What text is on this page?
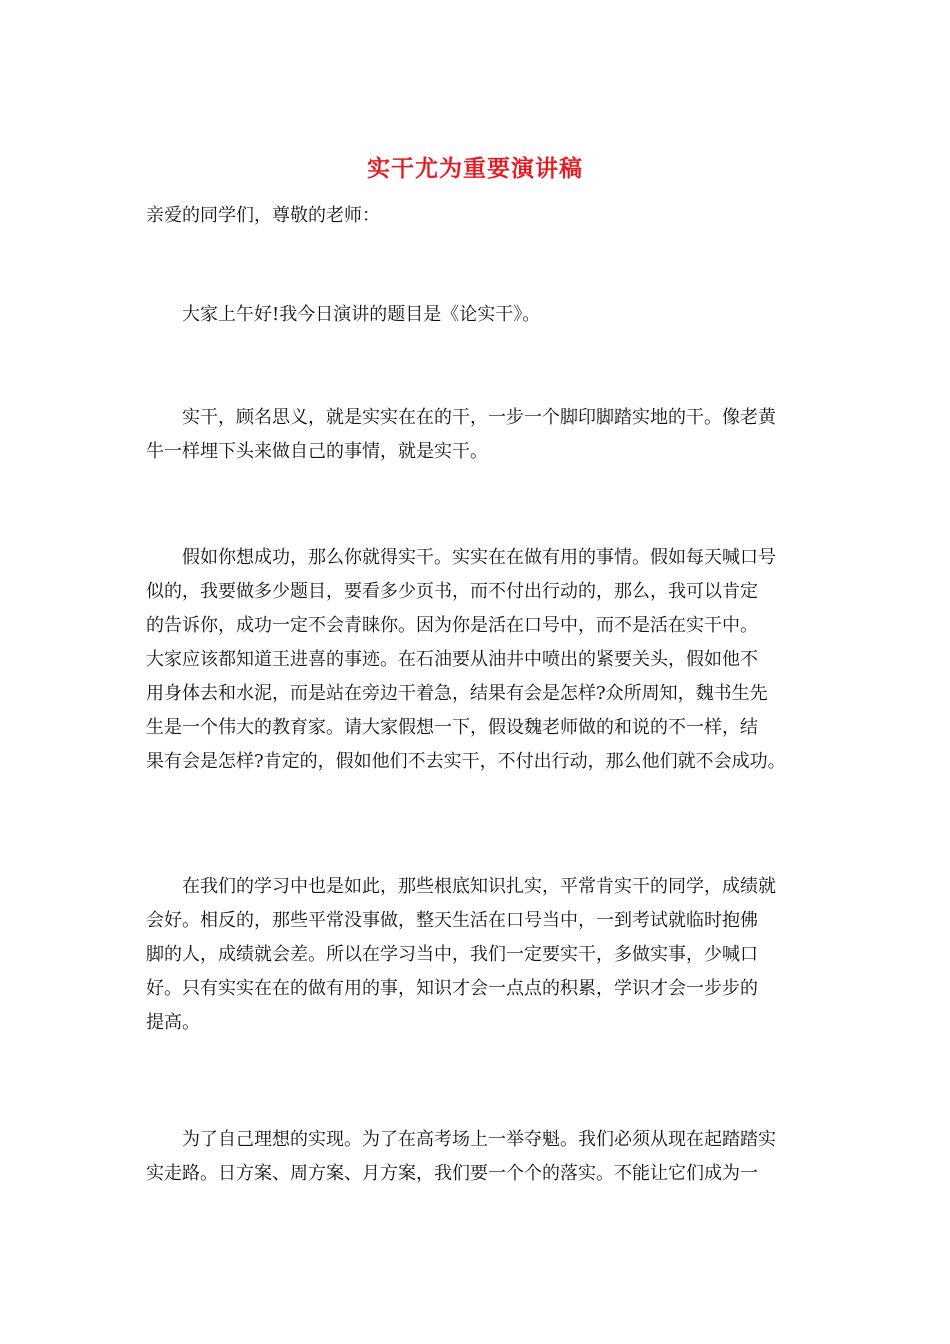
实干尤为重要演讲稿
亲爱的同学们，尊敬的老师：
　　大家上午好!我今日演讲的题目是《论实干》。
　　实干，顾名思义，就是实实在在的干，一步一个脚印脚踏实地的干。像老黄
牛一样埋下头来做自己的事情，就是实干。
　　假如你想成功，那么你就得实干。实实在在做有用的事情。假如每天喊口号
似的，我要做多少题目，要看多少页书，而不付出行动的，那么，我可以肯定
的告诉你，成功一定不会青睐你。因为你是活在口号中，而不是活在实干中。
大家应该都知道王进喜的事迹。在石油要从油井中喷出的紧要关头，假如他不
用身体去和水泥，而是站在旁边干着急，结果有会是怎样?众所周知，魏书生先
生是一个伟大的教育家。请大家假想一下，假设魏老师做的和说的不一样，结
果有会是怎样?肯定的，假如他们不去实干，不付出行动，那么他们就不会成功。
　　在我们的学习中也是如此，那些根底知识扎实，平常肯实干的同学，成绩就
会好。相反的，那些平常没事做，整天生活在口号当中，一到考试就临时抱佛
脚的人，成绩就会差。所以在学习当中，我们一定要实干，多做实事，少喊口
好。只有实实在在的做有用的事，知识才会一点点的积累，学识才会一步步的
提高。
　　为了自己理想的实现。为了在高考场上一举夺魁。我们必须从现在起踏踏实
实走路。日方案、周方案、月方案，我们要一个个的落实。不能让它们成为一
